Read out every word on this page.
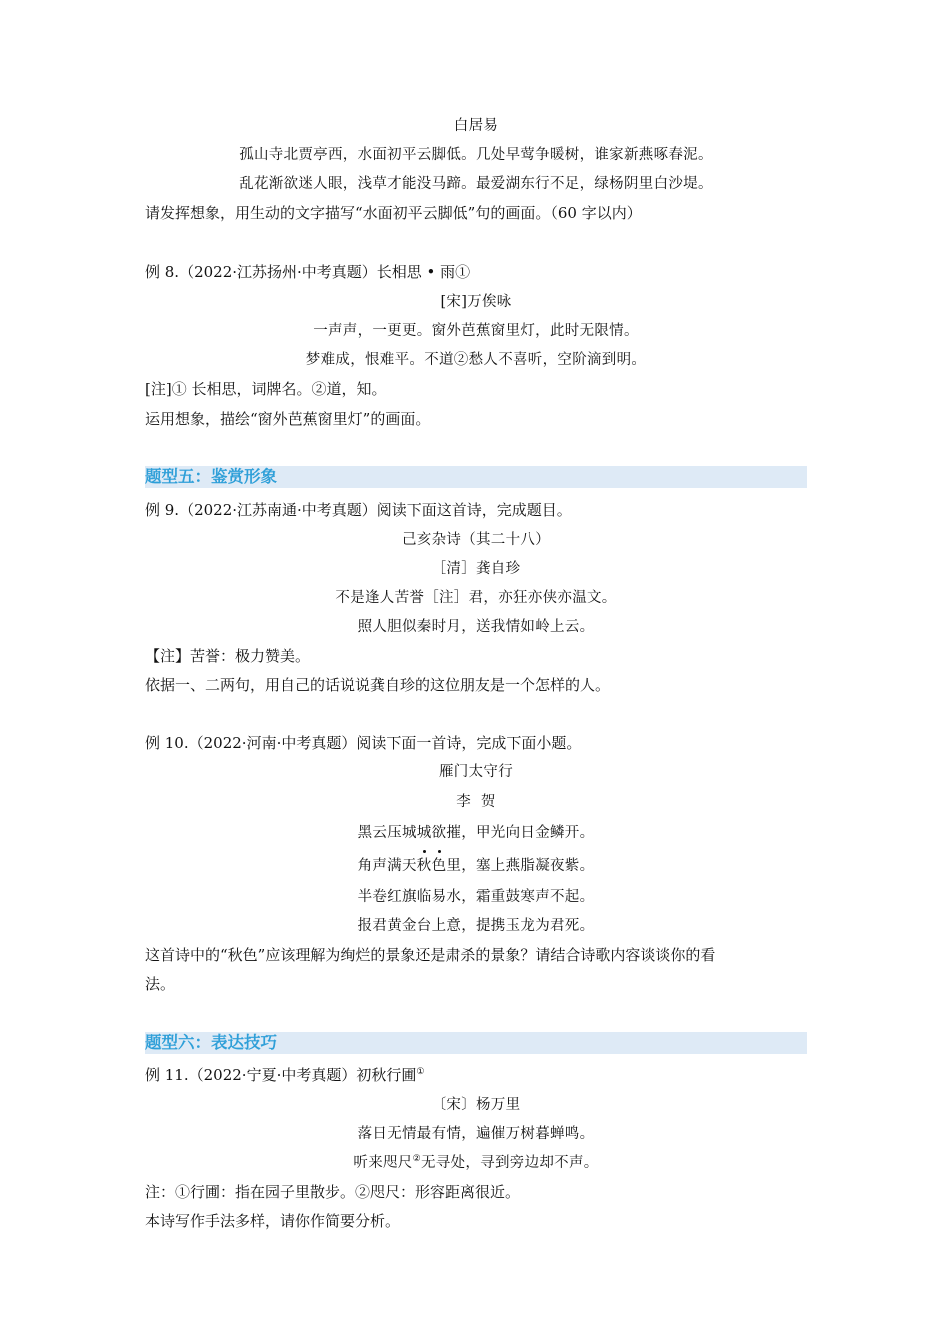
白居易
孤山寺北贾亭西，水面初平云脚低。几处早莺争暖树，谁家新燕啄春泥。
乱花渐欲迷人眼，浅草才能没马蹄。最爱湖东行不足，绿杨阴里白沙堤。
请发挥想象，用生动的文字描写“水面初平云脚低”句的画面。（60 字以内）
例 8.（2022·江苏扬州·中考真题）长相思 • 雨①
[宋]万俟咏
一声声，一更更。窗外芭蕉窗里灯，此时无限情。
梦难成，恨难平。不道②愁人不喜听，空阶滴到明。
[注]① 长相思，词牌名。②道，知。
运用想象，描绘“窗外芭蕉窗里灯”的画面。
题型五：鉴赏形象
例 9.（2022·江苏南通·中考真题）阅读下面这首诗，完成题目。
己亥杂诗（其二十八）
［清］龚自珍
不是逢人苦誉［注］君，亦狂亦侠亦温文。
照人胆似秦时月，送我情如岭上云。
【注】苦誉：极力赞美。
依据一、二两句，用自己的话说说龚自珍的这位朋友是一个怎样的人。
例 10.（2022·河南·中考真题）阅读下面一首诗，完成下面小题。
雁门太守行
李  贺
黑云压城城欲摧，甲光向日金鳞开。
角声满天秋色里，塞上燕脂凝夜紫。
半卷红旗临易水，霜重鼓寒声不起。
报君黄金台上意，提携玉龙为君死。
这首诗中的“秋色”应该理解为绚烂的景象还是肃杀的景象？请结合诗歌内容谈谈你的看
法。
题型六：表达技巧
例 11.（2022·宁夏·中考真题）初秋行圃①
〔宋〕杨万里
落日无情最有情，遍催万树暮蝉鸣。
听来咫尺②无寻处，寻到旁边却不声。
注：①行圃：指在园子里散步。②咫尺：形容距离很近。
本诗写作手法多样，请你作简要分析。
